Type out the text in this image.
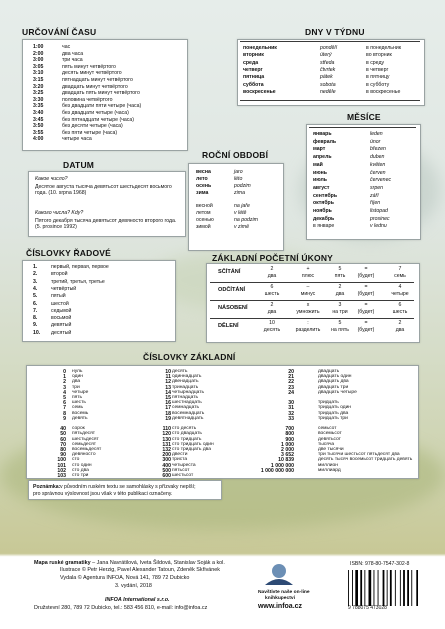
URČOVÁNÍ ČASU
1:00	час
2:00	два часа
3:00	три часа
3:05	пять минут четвёртого
3:10	десять минут четвёртого
3:15	пятнадцать минут четвёртого
3:20	двадцать минут четвёртого
3:25	двадцать пять минут четвёртого
3:30	половина четвёртого
3:35	без двадцати пяти четыре (часа)
3:40	без двадцати четыре (часа)
3:45	без пятнадцати четыре (часа)
3:50	без десяти четыре (часа)
3:55	без пяти четыре (часа)
4:00	четыре часа
DNY V TÝDNU
понедельник	pondělí	в понедельник
вторник	úterý	во вторник
среда	středa	в среду
четверг	čtvrtek	в четверг
пятница	pátek	в пятницу
суббота	sobota	в субботу
воскресенье	neděle	в воскресенье
DATUM
Какое число?
Десятое августа тысяча девятьсот шестьдесят восьмого года. (10. srpna 1968)
Какого числа? Kdy?
Пятого декабря тысяча девятьсот девяносто второго года. (5. prosince 1992)
ROČNÍ OBDOBÍ
весна	jaro
лето	léto
осень	podzim
зима	zima
весной	na jaře
летом	v létě
осенью	na podzim
зимой	v zimě
MĚSÍCE
январь	leden
февраль	únor
март	březen
апрель	duben
май	květen
июнь	červen
июль	červenec
август	srpen
сентябрь	září
октябрь	říjen
ноябрь	listopad
декабрь	prosinec
в январе	v lednu
ČÍSLOVKY ŘADOVÉ
1.	первый, первая, первое
2.	второй
3.	третий, третья, третье
4.	четвёртый
5.	пятый
6.	шестой
7.	седьмой
8.	восьмой
9.	девятый
10. десятый
ZÁKLADNÍ POČETNÍ ÚKONY
SČÍTÁNÍ	2	+	5	=	7
два	плюс	пять	(будет)	семь
ODČÍTÁNÍ	6	–	2	=	4
шесть	минус	два	(будет)	четыре
NÁSOBENÍ	2	x	3	=	6
два	умножить	на три	(будет)	шесть
DĚLENÍ	10	:	5	=	2
десять	разделить	на пять	(будет)	два
ČÍSLOVKY ZÁKLADNÍ
0 нуль
1 один
2 два
3 три
4 четыре
5 пять
6 шесть
7 семь
8 восемь
9 девять
40 сорок
50 пятьдесят
60 шестьдесят
70 семьдесят
80 восемьдесят
90 девяносто
100 сто
101 сто один
102 сто два
103 сто три
10 десять
11 одиннадцать
12 двенадцать
13 тринадцать
14 четырнадцать
15 пятнадцать
16 шестнадцать
17 семнадцать
18 восемнадцать
19 девятнадцать
110 сто десять
120 сто двадцать
130 сто тридцать
131 сто тридцать один
132 сто тридцать два
200 двести
300 триста
400 четыреста
500 пятьсот
600 шестьсот
20	двадцать
21	двадцать один
22	двадцать два
23	двадцать три
24	двадцать четыре
30	тридцать
31	тридцать один
32	тридцать два
33	тридцать три
700	семьсот
800	восемьсот
900	девятьсот
1 000	тысяча
2 000	две тысячи
3 652	три тысячи шестьсот пятьдесят два
10 839	десять тысяч восемьсот тридцать девять
1 000 000	миллион
1 000 000 000	миллиард
Poznámka: v původním ruském textu se samohlásky s přízvaky nepíší;
pro správnou výslovnost jsou však v této publikaci označeny.
Mapa ruské gramatiky – Jana Navrátilová, Iveta Šildová, Stanislav Soják a kol.
Ilustrace © Petr Herzig, Pavel Alexander Tatoun, Zdeněk Skřivánek
Vydala © Agentura INFOA, Nová 141, 789 72 Dubicko
3. vydání, 2018
INFOA International s.r.o.
Družstevní 280, 789 72 Dubicko, tel.: 583 456 810, e-mail: info@infoa.cz
Navštivte naše on-line
knihkupectví
www.infoa.cz
ISBN: 978-80-7547-302-8
9 788075 473028
